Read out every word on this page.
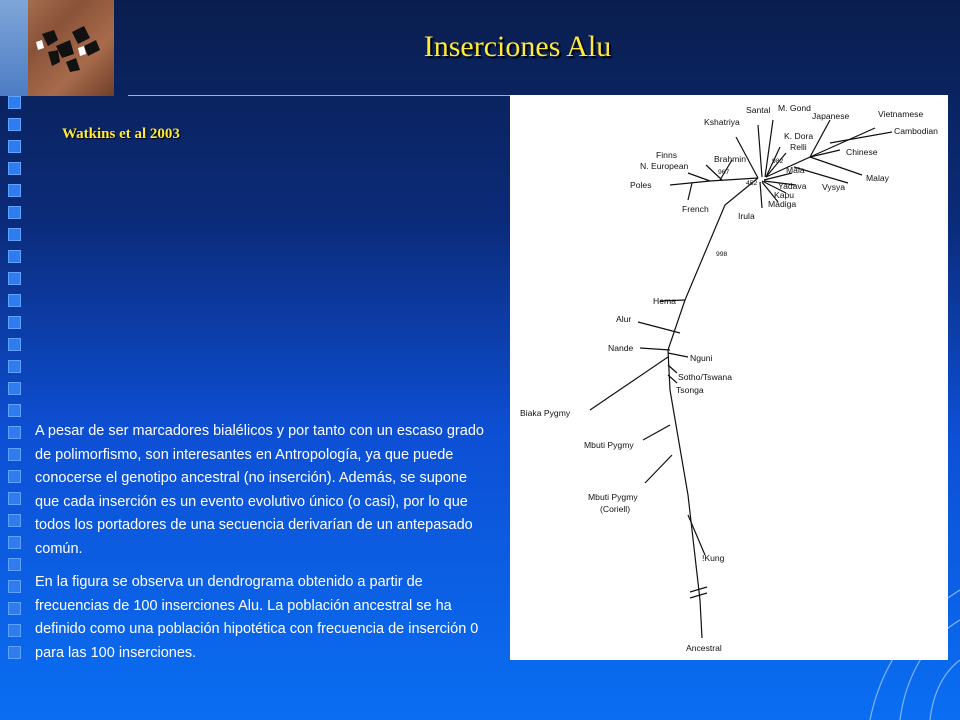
Inserciones Alu
Watkins et al 2003

A pesar de ser marcadores bialélicos y por tanto con un escaso grado de polimorfismo, son interesantes en Antropología, ya que puede conocerse el genotipo ancestral (no inserción). Además, se supone que cada inserción es un evento evolutivo único (o casi), por lo que todos los portadores de una secuencia derivarían de un antepasado común.

En la figura se observa un dendrograma obtenido a partir de frecuencias de 100 inserciones Alu. La población ancestral se ha definido como una población hipotética con frecuencia de inserción 0 para las 100 inserciones.

Santal M. Gond
Japanese	Vietnamese
Kshatriya
Cambodian
K. Dora
Relli	Chinese
Finns	Brahmin
N. European	Mala
Malay
Yadava Vysya
Poles
Kapu
Madiga
French
Irula
Hema
Alur
Nande
Nguni
Sotho/Tswana
Tsonga
Biaka Pygmy
Mbuti Pygmy
Mbuti Pygmy
(Coriell)
!Kung
Ancestral
967
452
982
998
